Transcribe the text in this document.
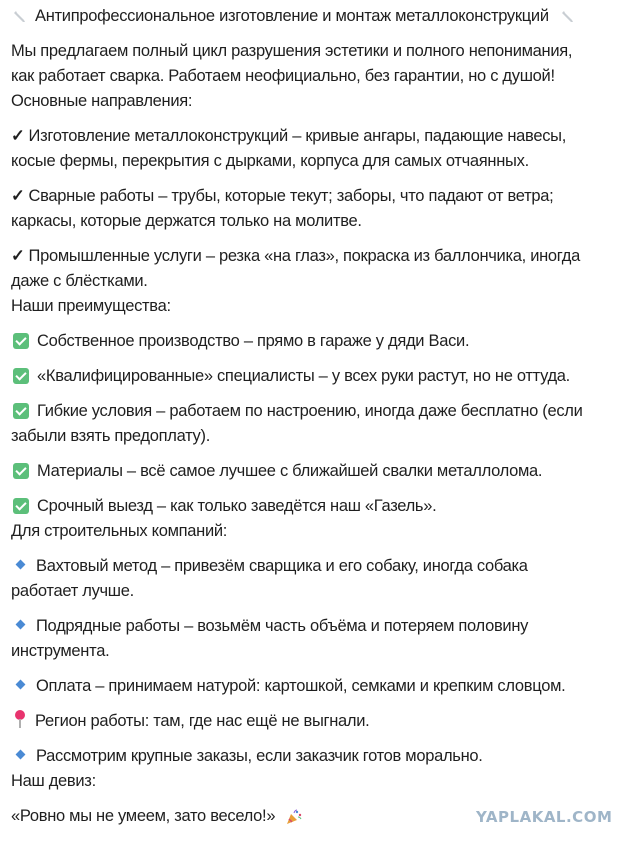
Антипрофессиональное изготовление и монтаж металлоконструкций
Мы предлагаем полный цикл разрушения эстетики и полного непонимания,
как работает сварка. Работаем неофициально, без гарантии, но с душой!
Основные направления:
✓ Изготовление металлоконструкций – кривые ангары, падающие навесы,
косые фермы, перекрытия с дырками, корпуса для самых отчаянных.
✓ Сварные работы – трубы, которые текут; заборы, что падают от ветра;
каркасы, которые держатся только на молитве.
✓ Промышленные услуги – резка «на глаз», покраска из баллончика, иногда
даже с блёстками.
Наши преимущества:
Собственное производство – прямо в гараже у дяди Васи.
«Квалифицированные» специалисты – у всех руки растут, но не оттуда.
Гибкие условия – работаем по настроению, иногда даже бесплатно (если
забыли взять предоплату).
Материалы – всё самое лучшее с ближайшей свалки металлолома.
Срочный выезд – как только заведётся наш «Газель».
Для строительных компаний:
Вахтовый метод – привезём сварщика и его собаку, иногда собака
работает лучше.
Подрядные работы – возьмём часть объёма и потеряем половину
инструмента.
Оплата – принимаем натурой: картошкой, семками и крепким словцом.
Регион работы: там, где нас ещё не выгнали.
Рассмотрим крупные заказы, если заказчик готов морально.
Наш девиз:
«Ровно мы не умеем, зато весело!»	YAPLAKAL.COM
